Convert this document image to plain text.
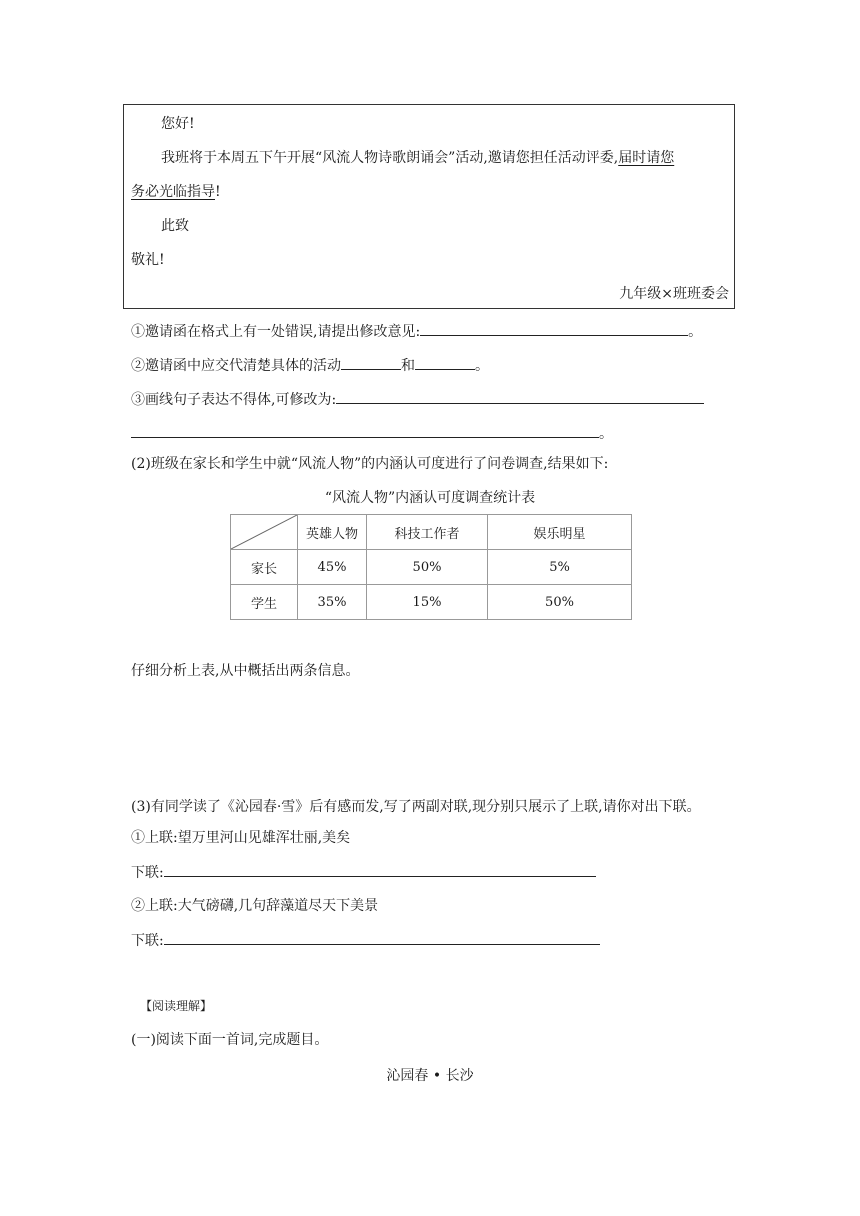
您好!
我班将于本周五下午开展“风流人物诗歌朗诵会”活动,邀请您担任活动评委,届时请您
务必光临指导!
此致
敬礼!
九年级×班班委会
①邀请函在格式上有一处错误,请提出修改意见:	。
②邀请函中应交代清楚具体的活动	和	。
③画线句子表达不得体,可修改为:
。
(2)班级在家长和学生中就“风流人物”的内涵认可度进行了问卷调查,结果如下:
“风流人物”内涵认可度调查统计表
	英雄人物	科技工作者	娱乐明星
家长	45%	50%	5%
学生	35%	15%	50%
仔细分析上表,从中概括出两条信息。
(3)有同学读了《沁园春·雪》后有感而发,写了两副对联,现分别只展示了上联,请你对出下联。
①上联:望万里河山见雄浑壮丽,美矣
下联:
②上联:大气磅礴,几句辞藻道尽天下美景
下联:
【阅读理解】
(一)阅读下面一首词,完成题目。
沁园春 • 长沙
